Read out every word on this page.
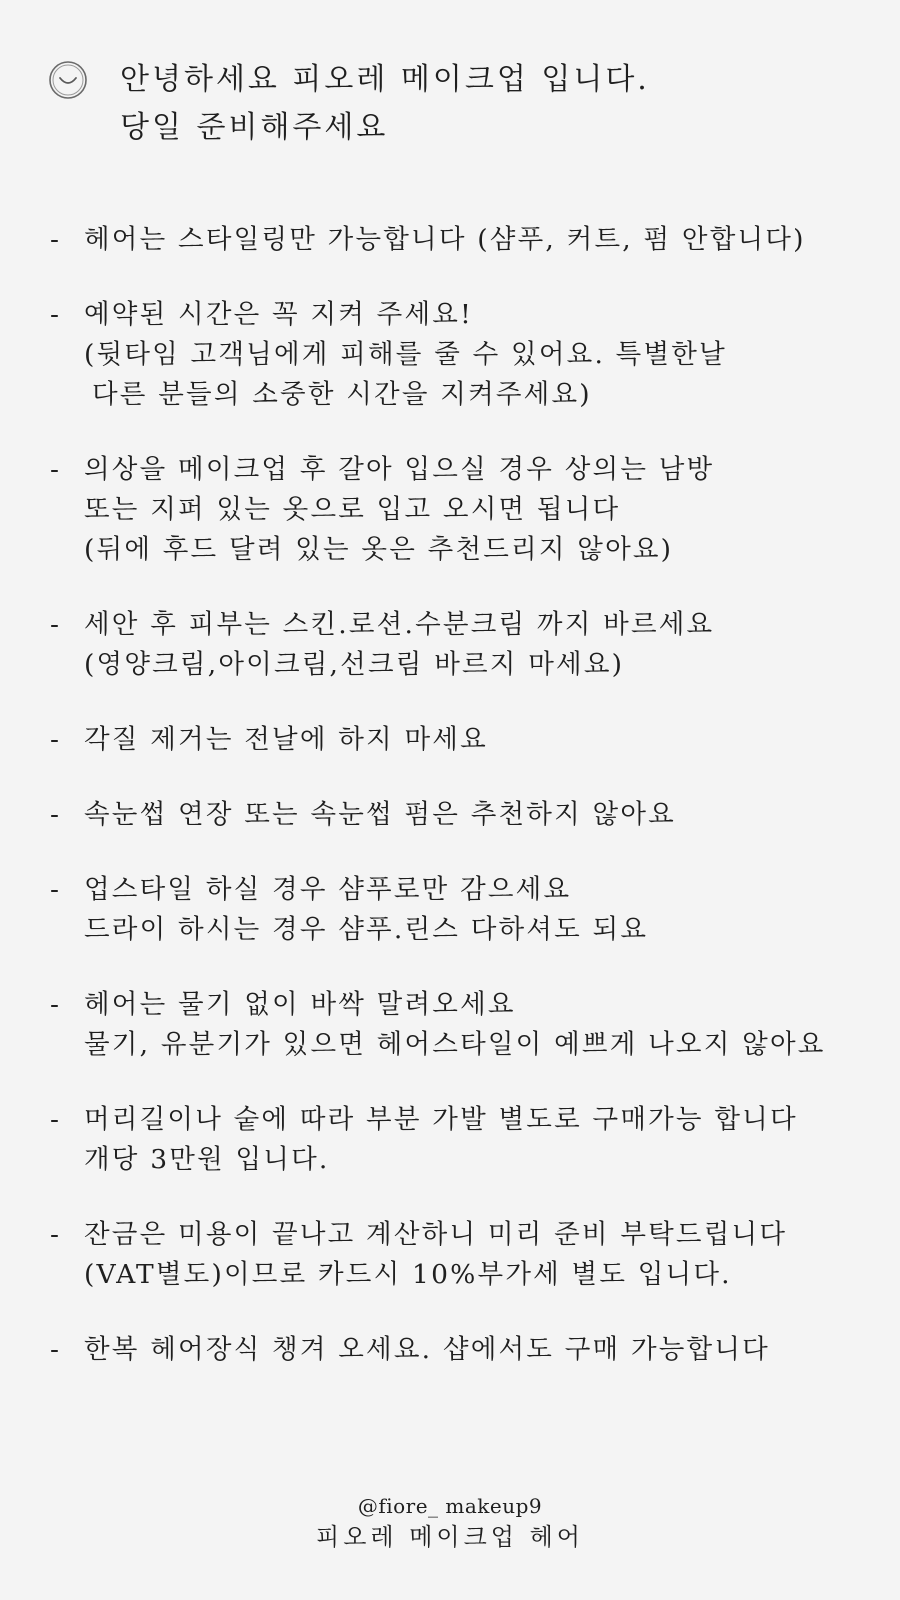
안녕하세요 피오레 메이크업 입니다.
당일 준비해주세요
- 헤어는 스타일링만 가능합니다 (샴푸, 커트, 펌 안합니다)
- 예약된 시간은 꼭 지켜 주세요!
(뒷타임 고객님에게 피해를 줄 수 있어요. 특별한날
다른 분들의 소중한 시간을 지켜주세요)
- 의상을 메이크업 후 갈아 입으실 경우 상의는 남방
또는 지퍼 있는 옷으로 입고 오시면 됩니다
(뒤에 후드 달려 있는 옷은 추천드리지 않아요)
- 세안 후 피부는 스킨.로션.수분크림 까지 바르세요
(영양크림,아이크림,선크림 바르지 마세요)
- 각질 제거는 전날에 하지 마세요
- 속눈썹 연장 또는 속눈썹 펌은 추천하지 않아요
- 업스타일 하실 경우 샴푸로만 감으세요
드라이 하시는 경우 샴푸.린스 다하셔도 되요
- 헤어는 물기 없이 바싹 말려오세요
물기, 유분기가 있으면 헤어스타일이 예쁘게 나오지 않아요
- 머리길이나 숱에 따라 부분 가발 별도로 구매가능 합니다
개당 3만원 입니다.
- 잔금은 미용이 끝나고 계산하니 미리 준비 부탁드립니다
(VAT별도)이므로 카드시 10%부가세 별도 입니다.
- 한복 헤어장식 챙겨 오세요. 샵에서도 구매 가능합니다
@fiore_ makeup9
피오레 메이크업 헤어
